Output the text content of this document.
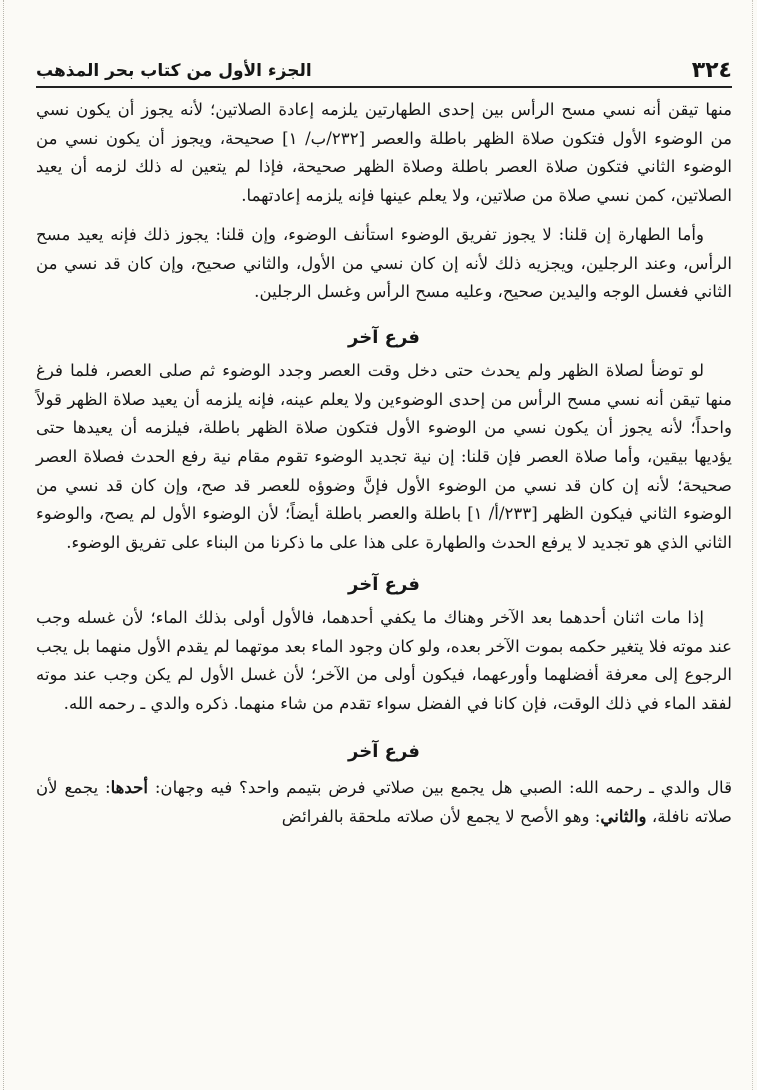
٣٢٤
الجزء الأول من كتاب بحر المذهب

منها تيقن أنه نسي مسح الرأس بين إحدى الطهارتين يلزمه إعادة الصلاتين؛ لأنه يجوز أن يكون نسي من الوضوء الأول فتكون صلاة الظهر باطلة والعصر [٢٣٢/ب/ ١] صحيحة، ويجوز أن يكون نسي من الوضوء الثاني فتكون صلاة العصر باطلة وصلاة الظهر صحيحة، فإذا لم يتعين له ذلك لزمه أن يعيد الصلاتين، كمن نسي صلاة من صلاتين، ولا يعلم عينها فإنه يلزمه إعادتهما.

وأما الطهارة إن قلنا: لا يجوز تفريق الوضوء استأنف الوضوء، وإن قلنا: يجوز ذلك فإنه يعيد مسح الرأس، وعند الرجلين، ويجزيه ذلك لأنه إن كان نسي من الأول، والثاني صحيح، وإن كان قد نسي من الثاني فغسل الوجه واليدين صحيح، وعليه مسح الرأس وغسل الرجلين.

فرع آخر

لو توضأ لصلاة الظهر ولم يحدث حتى دخل وقت العصر وجدد الوضوء ثم صلى العصر، فلما فرغ منها تيقن أنه نسي مسح الرأس من إحدى الوضوءين ولا يعلم عينه، فإنه يلزمه أن يعيد صلاة الظهر قولاً واحداً؛ لأنه يجوز أن يكون نسي من الوضوء الأول فتكون صلاة الظهر باطلة، فيلزمه أن يعيدها حتى يؤديها بيقين، وأما صلاة العصر فإن قلنا: إن نية تجديد الوضوء تقوم مقام نية رفع الحدث فصلاة العصر صحيحة؛ لأنه إن كان قد نسي من الوضوء الأول فإنَّ وضوؤه للعصر قد صح، وإن كان قد نسي من الوضوء الثاني فيكون الظهر [٢٣٣/أ/ ١] باطلة والعصر باطلة أيضاً؛ لأن الوضوء الأول لم يصح، والوضوء الثاني الذي هو تجديد لا يرفع الحدث والطهارة على هذا على ما ذكرنا من البناء على تفريق الوضوء.

فرع آخر

إذا مات اثنان أحدهما بعد الآخر وهناك ما يكفي أحدهما، فالأول أولى بذلك الماء؛ لأن غسله وجب عند موته فلا يتغير حكمه بموت الآخر بعده، ولو كان وجود الماء بعد موتهما لم يقدم الأول منهما بل يجب الرجوع إلى معرفة أفضلهما وأورعهما، فيكون أولى من الآخر؛ لأن غسل الأول لم يكن وجب عند موته لفقد الماء في ذلك الوقت، فإن كانا في الفضل سواء تقدم من شاء منهما. ذكره والدي ـ رحمه الله.

فرع آخر

قال والدي ـ رحمه الله: الصبي هل يجمع بين صلاتي فرض بتيمم واحد؟ فيه وجهان: أحدها: يجمع لأن صلاته نافلة، والثاني: وهو الأصح لا يجمع لأن صلاته ملحقة بالفرائض
